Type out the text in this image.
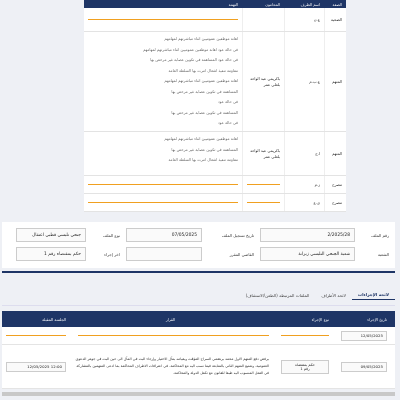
الصفة
اسم الطرف
المحامون
التهمة
الضحية
ع.ن
المتهم
ع.ب.م
باكريمي عبد الواحد بلعلي عمر
اهانة موظفين عموميين اثناء مباشرتهم لمهامهم
في حالة عود اهانة موظفين عموميين اثناء مباشرتهم لمهامهم
في حالة عود المساهمة في تكوين عصابة غير مرخص بها
مقاومة تنفيذ اشغال امرت بها السلطة العامة
اهانة موظفين عموميين اثناء مباشرتهم لمهامهم
المساهمة في تكوين عصابة غير مرخص بها
في حالة عود
المساهمة في تكوين عصابة غير مرخص بها
في حالة عود
المتهم
ا.ج
باكريمي عبد الواحد بلعلي عمر
اهانة موظفين عموميين اثناء مباشرتهم لمهامهم
المساهمة في تكوين عصابة غير مرخص بها
مقاومة تنفيذ اشغال امرت بها السلطة العامة
مصرح
ز.م
مصرح
ي.ع
رقم الملف
2/2025/28
تاريخ تسجيل الملف
07/05/2025
نوع الملف
جنحي تلبسي قطبي اعتقال
الشعبة
شعبة الجنحي التلبسي زنزانة
القاضي المقرر
اخر إجراء
حكم بمقتضاه رقم 1
لائحة الإجراءات
لائحة الأطراف
الملفات المرتبطة (الطعن/الاستئناف)
تاريخ الإجراء
نوع الإجراء
القرار
الجلسة المقبلة
12/05/2025
09/05/2025
حكم بمقتضاه
رقم 1
برفض دفع المتهم الاول محمد برهقمي السراح المؤقت وبقيامه بمآل الاختيار وإرجاء البت في المآل الى حين البت في جوهر الدعوى العمومية. وتمتيع المتهم الثاني بالمتابعة فيما نسب اليه مع المحاكمة. في اعترافات الاطراف المحاكمة بما ادعى المتهمين بالمشاركة في الفعل المنسوب اليه طبقا للقانون مع تكفل الدولة والمحاكمة.
12:00 12/05/2025
